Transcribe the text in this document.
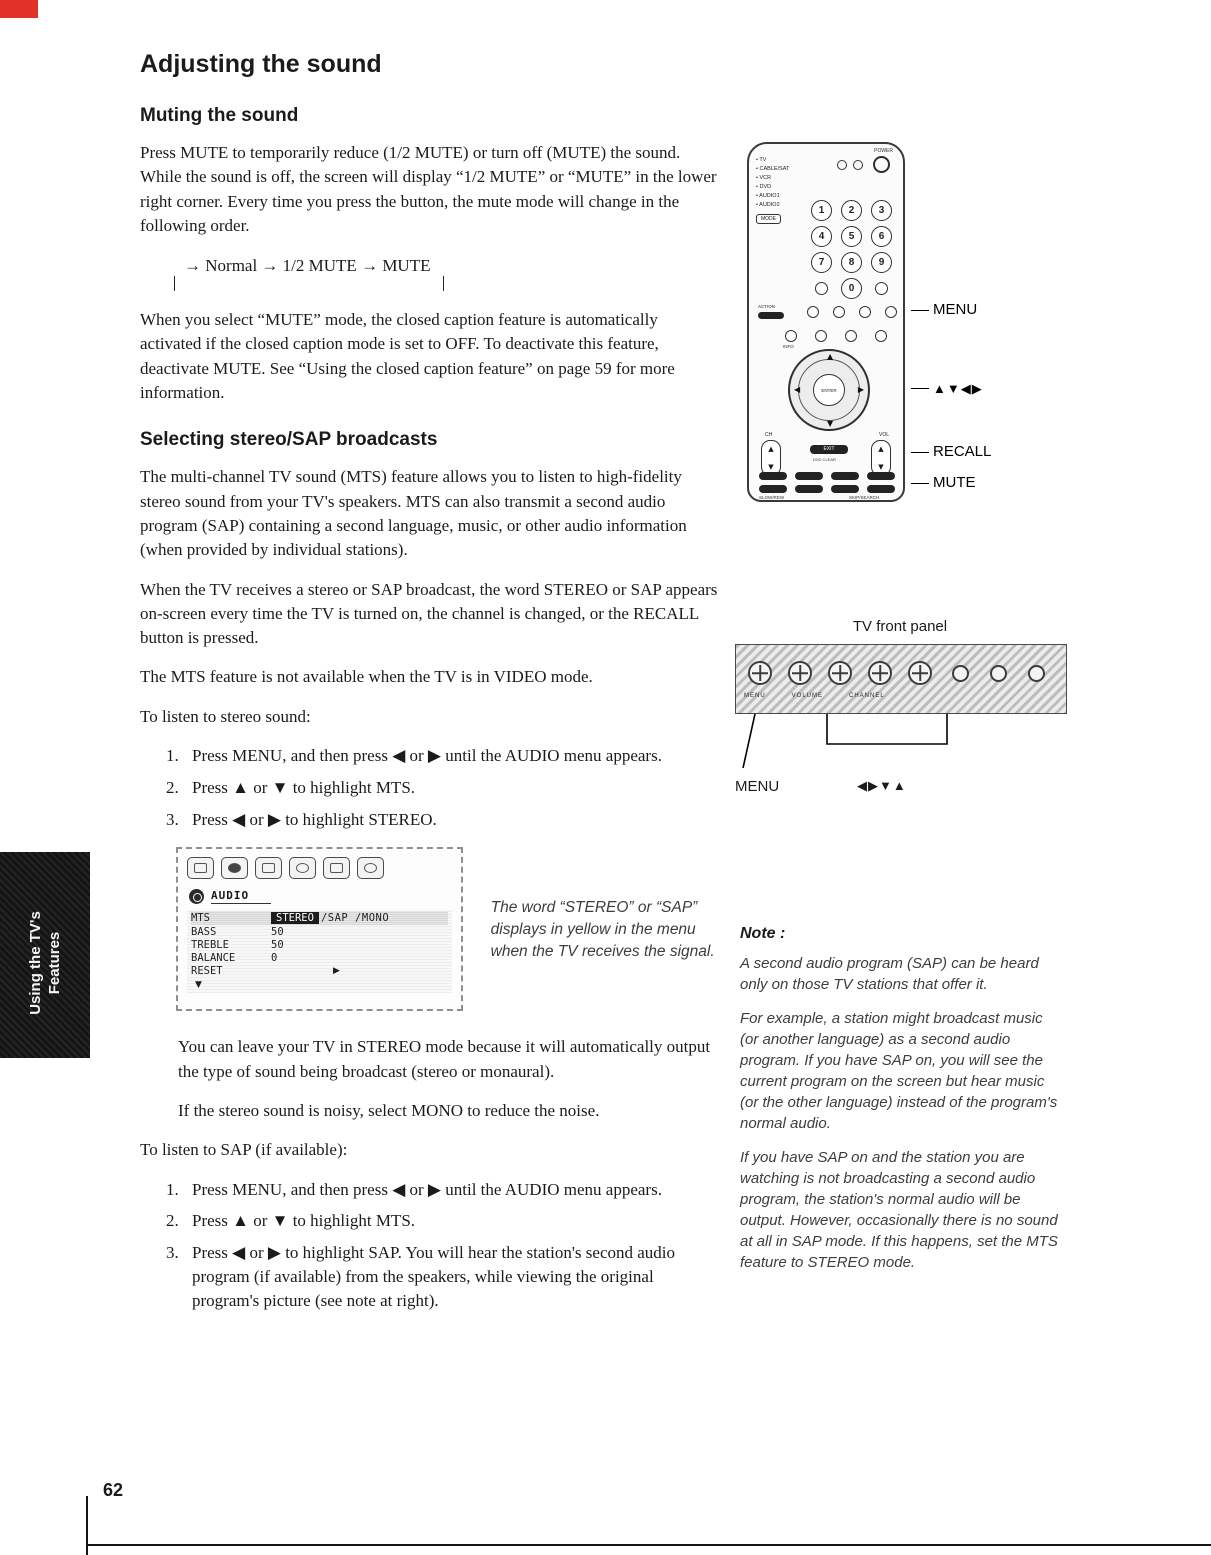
Adjusting the sound
Muting the sound

Press MUTE to temporarily reduce (1/2 MUTE) or turn off (MUTE) the sound. While the sound is off, the screen will display “1/2 MUTE” or “MUTE” in the lower right corner. Every time you press the button, the mute mode will change in the following order.

→ Normal → 1/2 MUTE → MUTE

When you select “MUTE” mode, the closed caption feature is automatically activated if the closed caption mode is set to OFF. To deactivate this feature, deactivate MUTE. See “Using the closed caption feature” on page 59 for more information.

Selecting stereo/SAP broadcasts

The multi-channel TV sound (MTS) feature allows you to listen to high-fidelity stereo sound from your TV's speakers. MTS can also transmit a second audio program (SAP) containing a second language, music, or other audio information (when provided by individual stations).

When the TV receives a stereo or SAP broadcast, the word STEREO or SAP appears on-screen every time the TV is turned on, the channel is changed, or the RECALL button is pressed.

The MTS feature is not available when the TV is in VIDEO mode.

To listen to stereo sound:

Press MENU, and then press ◀ or ▶ until the AUDIO menu appears.
Press ▲ or ▼ to highlight MTS.
Press ◀ or ▶ to highlight STEREO.
AUDIO
MTS	STEREO /SAP /MONO
BASS	50
TREBLE	50
BALANCE	0
RESET	▶
▼
The word “STEREO” or “SAP” displays in yellow in the menu when the TV receives the signal.

You can leave your TV in STEREO mode because it will automatically output the type of sound being broadcast (stereo or monaural).

If the stereo sound is noisy, select MONO to reduce the noise.

To listen to SAP (if available):

Press MENU, and then press ◀ or ▶ until the AUDIO menu appears.
Press ▲ or ▼ to highlight MTS.
Press ◀ or ▶ to highlight SAP. You will hear the station's second audio program (if available) from the speakers, while viewing the original program's picture (see note at right).
POWER
• TV
• CABLE/SAT
• VCR
• DVD
• AUDIO1
• AUDIO2
MODE
1	2	3
4	5	6
7	8	9
0
ACTION
INFO
▲
▼
◀	▶
ENTER
CH
▲
▼
VOL
▲
▼
EXIT
DVD CLEAR
SLOW/REW	SKIP/SEARCH
MENU
▲▼◀▶
RECALL
MUTE
TV front panel
MENU	VOLUME	CHANNEL
MENU	◀▶▼▲
Note :

A second audio program (SAP) can be heard only on those TV stations that offer it.

For example, a station might broadcast music (or another language) as a second audio program. If you have SAP on, you will see the current program on the screen but hear music (or the other language) instead of the program's normal audio.

If you have SAP on and the station you are watching is not broadcasting a second audio program, the station's normal audio will be output. However, occasionally there is no sound at all in SAP mode. If this happens, set the MTS feature to STEREO mode.

Using the TV's Features
62
